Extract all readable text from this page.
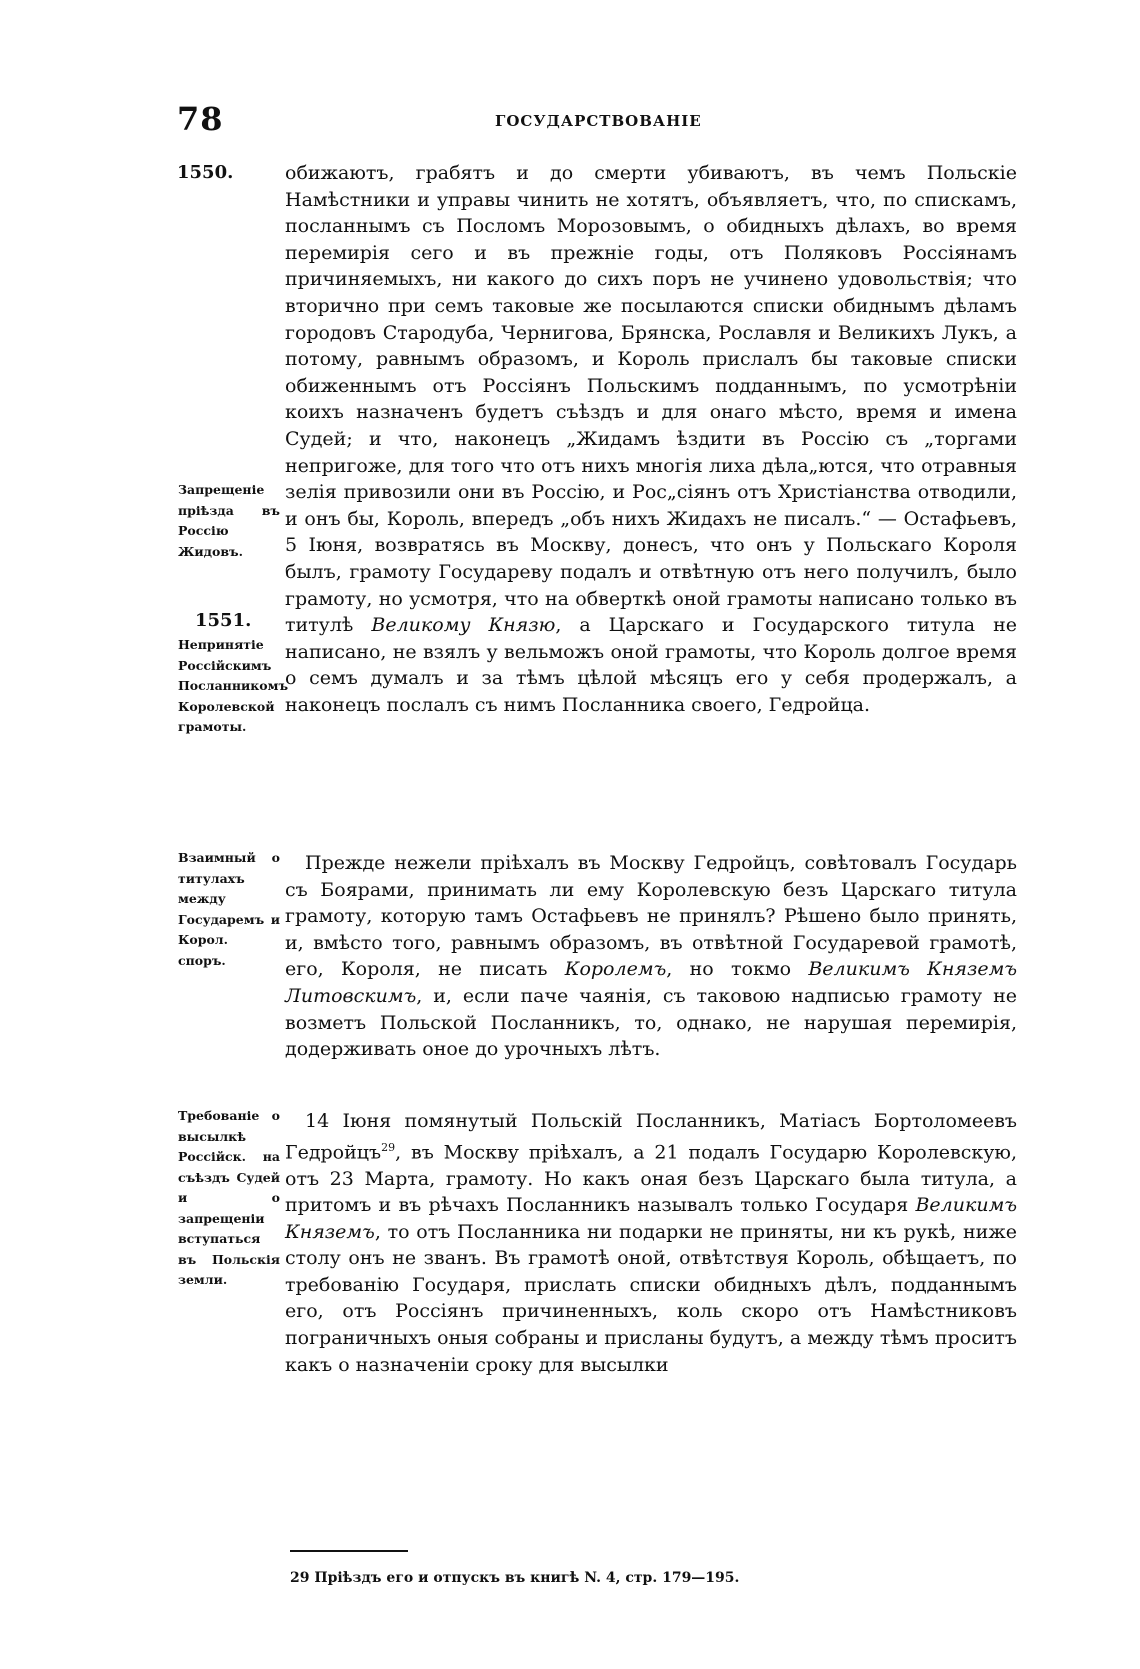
78	ГОСУДАРСТВОВАНІЕ
1550.	обижаютъ, грабятъ и до смерти убиваютъ, въ чемъ Польскіе Намѣстники и управы чинить не хотятъ, объявляетъ, что, по спискамъ, посланнымъ съ Посломъ Морозовымъ, о обидныхъ дѣлахъ, во время перемирія сего и въ прежніе годы, отъ Поляковъ Россіянамъ причиняемыхъ, ни какого до сихъ поръ не учинено удовольствія; что вторично при семъ таковые же посылаются списки обиднымъ дѣламъ городовъ Стародуба, Чернигова, Брянска, Рославля и Великихъ Лукъ, а потому, равнымъ образомъ, и Король прислалъ бы таковые списки обиженнымъ отъ Россіянъ Польскимъ подданнымъ, по усмотрѣніи коихъ назначенъ будетъ съѣздъ и для онаго мѣсто, время и имена Судей; и что, наконецъ „Жидамъ ѣздити въ Россію съ „торгами непригоже, для того что отъ нихъ многія лиха дѣла„ются, что отравныя зелія привозили они въ Россію, и Рос„сіянъ отъ Христіанства отводили, и онъ бы, Король, впередъ „объ нихъ Жидахъ не писалъ.“ — Остафьевъ, 5 Іюня, возвратясь въ Москву, донесъ, что онъ у Польскаго Короля былъ, грамоту Государеву подалъ и отвѣтную отъ него получилъ, было грамоту, но усмотря, что на обверткѣ оной грамоты написано только въ титулѣ Великому Князю, а Царскаго и Государского титула не написано, не взялъ у вельможъ оной грамоты, что Король долгое время о семъ думалъ и за тѣмъ цѣлой мѣсяцъ его у себя продержалъ, а наконецъ послалъ съ нимъ Посланника своего, Гедройца.
Запрещеніе пріѣзда въ Россію Жидовъ.
1551.
Непринятіе Россійскимъ Посланникомъ Королевской грамоты.
Прежде нежели пріѣхалъ въ Москву Гедройцъ, совѣтовалъ Государь съ Боярами, принимать ли ему Королевскую безъ Царскаго титула грамоту, которую тамъ Остафьевъ не принялъ? Рѣшено было принять, и, вмѣсто того, равнымъ образомъ, въ отвѣтной Государевой грамотѣ, его, Короля, не писать Королемъ, но токмо Великимъ Княземъ Литовскимъ, и, если паче чаянія, съ таковою надписью грамоту не возметъ Польской Посланникъ, то, однако, не нарушая перемирія, додерживать оное до урочныхъ лѣтъ.
Взаимный о титулахъ между Государемъ и Корол. споръ.
14 Іюня помянутый Польскій Посланникъ, Матіасъ Бортоломеевъ Гедройцъ$^{29}$, въ Москву пріѣхалъ, а 21 подалъ Государю Королевскую, отъ 23 Марта, грамоту. Но какъ оная безъ Царскаго была титула, а притомъ и въ рѣчахъ Посланникъ называлъ только Государя Великимъ Княземъ, то отъ Посланника ни подарки не приняты, ни къ рукѣ, ниже столу онъ не званъ. Въ грамотѣ оной, отвѣтствуя Король, обѣщаетъ, по требованію Государя, прислать списки обидныхъ дѣлъ, подданнымъ его, отъ Россіянъ причиненныхъ, коль скоро отъ Намѣстниковъ пограничныхъ оныя собраны и присланы будутъ, а между тѣмъ проситъ какъ о назначеніи сроку для высылки
Требованіе о высылкѣ Россійск. на съѣздъ Судей и о запрещеніи вступаться въ Польскія земли.
29 Пріѣздъ его и отпускъ въ книгѣ N. 4, стр. 179—195.
